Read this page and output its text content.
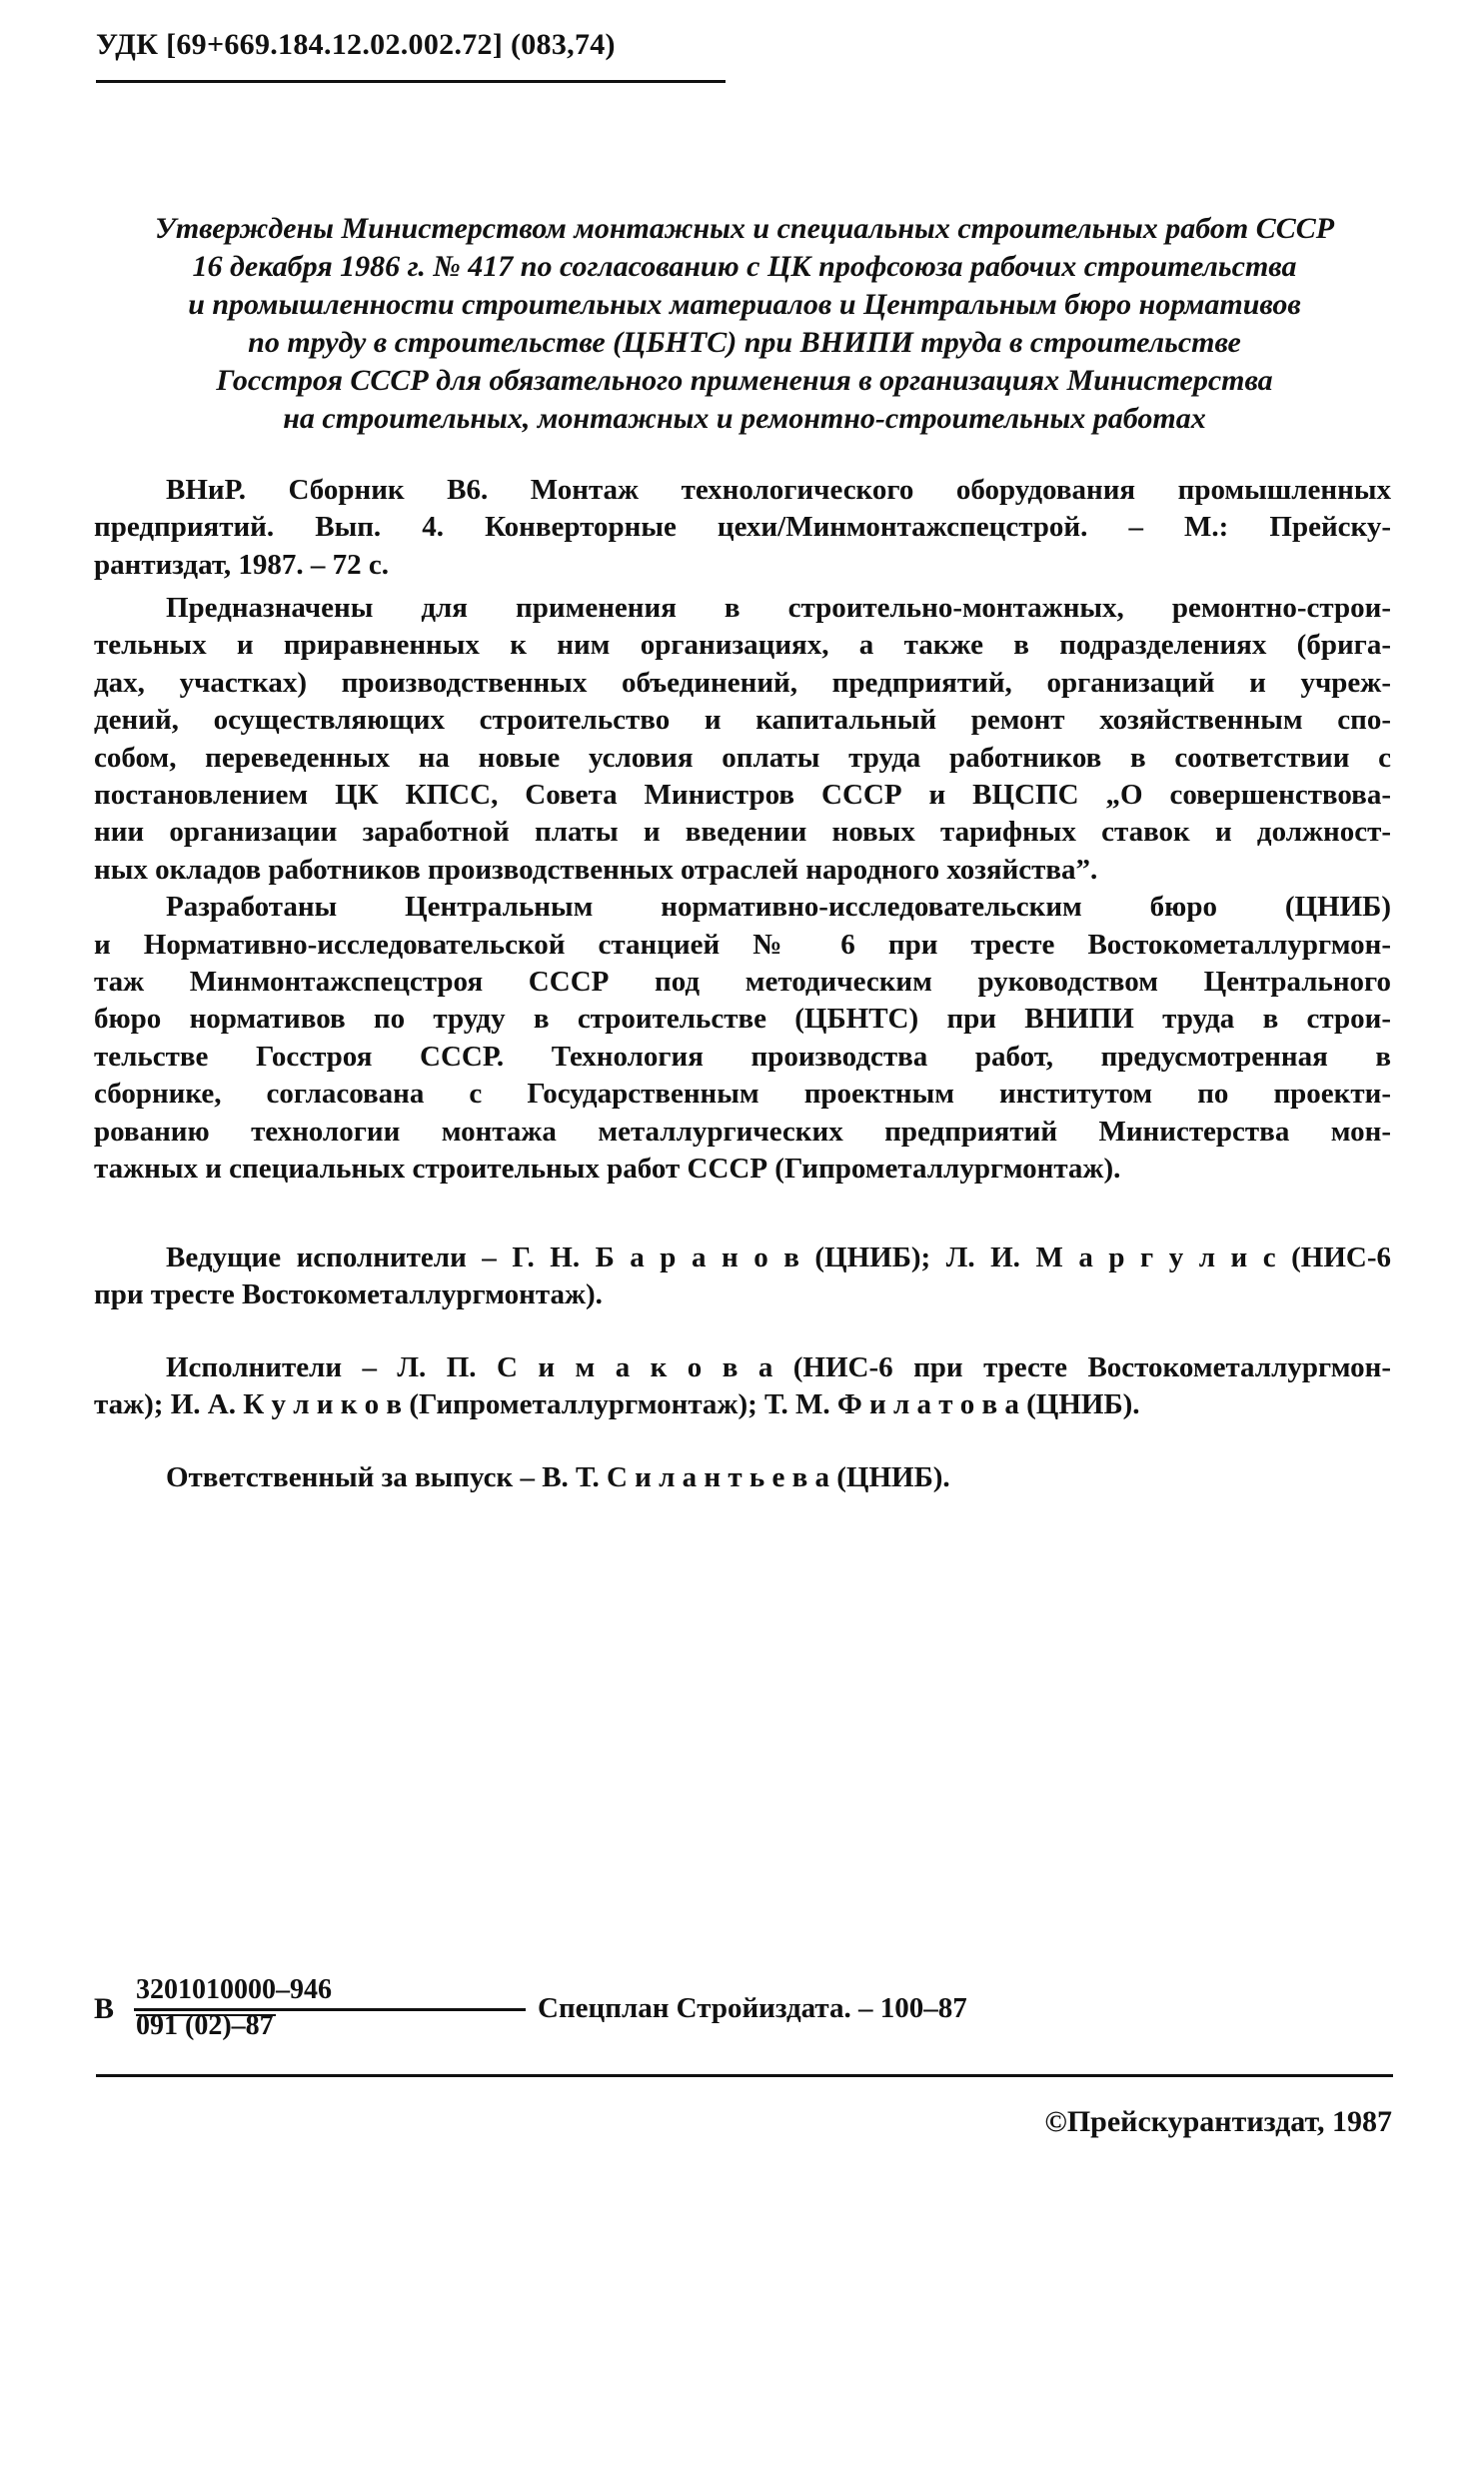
УДК [69+669.184.12.02.002.72] (083,74)
Утверждены Министерством монтажных и специальных строительных работ СССР
16 декабря 1986 г. № 417 по согласованию с ЦК профсоюза рабочих строительства
и промышленности строительных материалов и Центральным бюро нормативов
по труду в строительстве (ЦБНТС) при ВНИПИ труда в строительстве
Госстроя СССР для обязательного применения в организациях Министерства
на строительных, монтажных и ремонтно-строительных работах
ВНиР. Сборник В6. Монтаж технологического оборудования промышленных
предприятий. Вып. 4. Конверторные цехи/Минмонтажспецстрой. – М.: Прейску-
рантиздат, 1987. – 72 с.
Предназначены для применения в строительно-монтажных, ремонтно-строи-
тельных и приравненных к ним организациях, а также в подразделениях (брига-
дах, участках) производственных объединений, предприятий, организаций и учреж-
дений, осуществляющих строительство и капитальный ремонт хозяйственным спо-
собом, переведенных на новые условия оплаты труда работников в соответствии с
постановлением ЦК КПСС, Совета Министров СССР и ВЦСПС „О совершенствова-
нии организации заработной платы и введении новых тарифных ставок и должност-
ных окладов работников производственных отраслей народного хозяйства”.
Разработаны Центральным нормативно-исследовательским бюро (ЦНИБ)
и Нормативно-исследовательской станцией № 6 при тресте Востокометаллургмон-
таж Минмонтажспецстроя СССР под методическим руководством Центрального
бюро нормативов по труду в строительстве (ЦБНТС) при ВНИПИ труда в строи-
тельстве Госстроя СССР. Технология производства работ, предусмотренная в
сборнике, согласована с Государственным проектным институтом по проекти-
рованию технологии монтажа металлургических предприятий Министерства мон-
тажных и специальных строительных работ СССР (Гипрометаллургмонтаж).
Ведущие исполнители – Г. Н. Б а р а н о в (ЦНИБ); Л. И. М а р г у л и с (НИС-6
при тресте Востокометаллургмонтаж).
Исполнители – Л. П. С и м а к о в а (НИС-6 при тресте Востокометаллургмон-
таж); И. А. К у л и к о в (Гипрометаллургмонтаж); Т. М. Ф и л а т о в а (ЦНИБ).
Ответственный за выпуск – В. Т. С и л а н т ь е в а (ЦНИБ).
В
3201010000–946
091 (02)–87
Спецплан Стройиздата. – 100–87
©Прейскурантиздат, 1987
